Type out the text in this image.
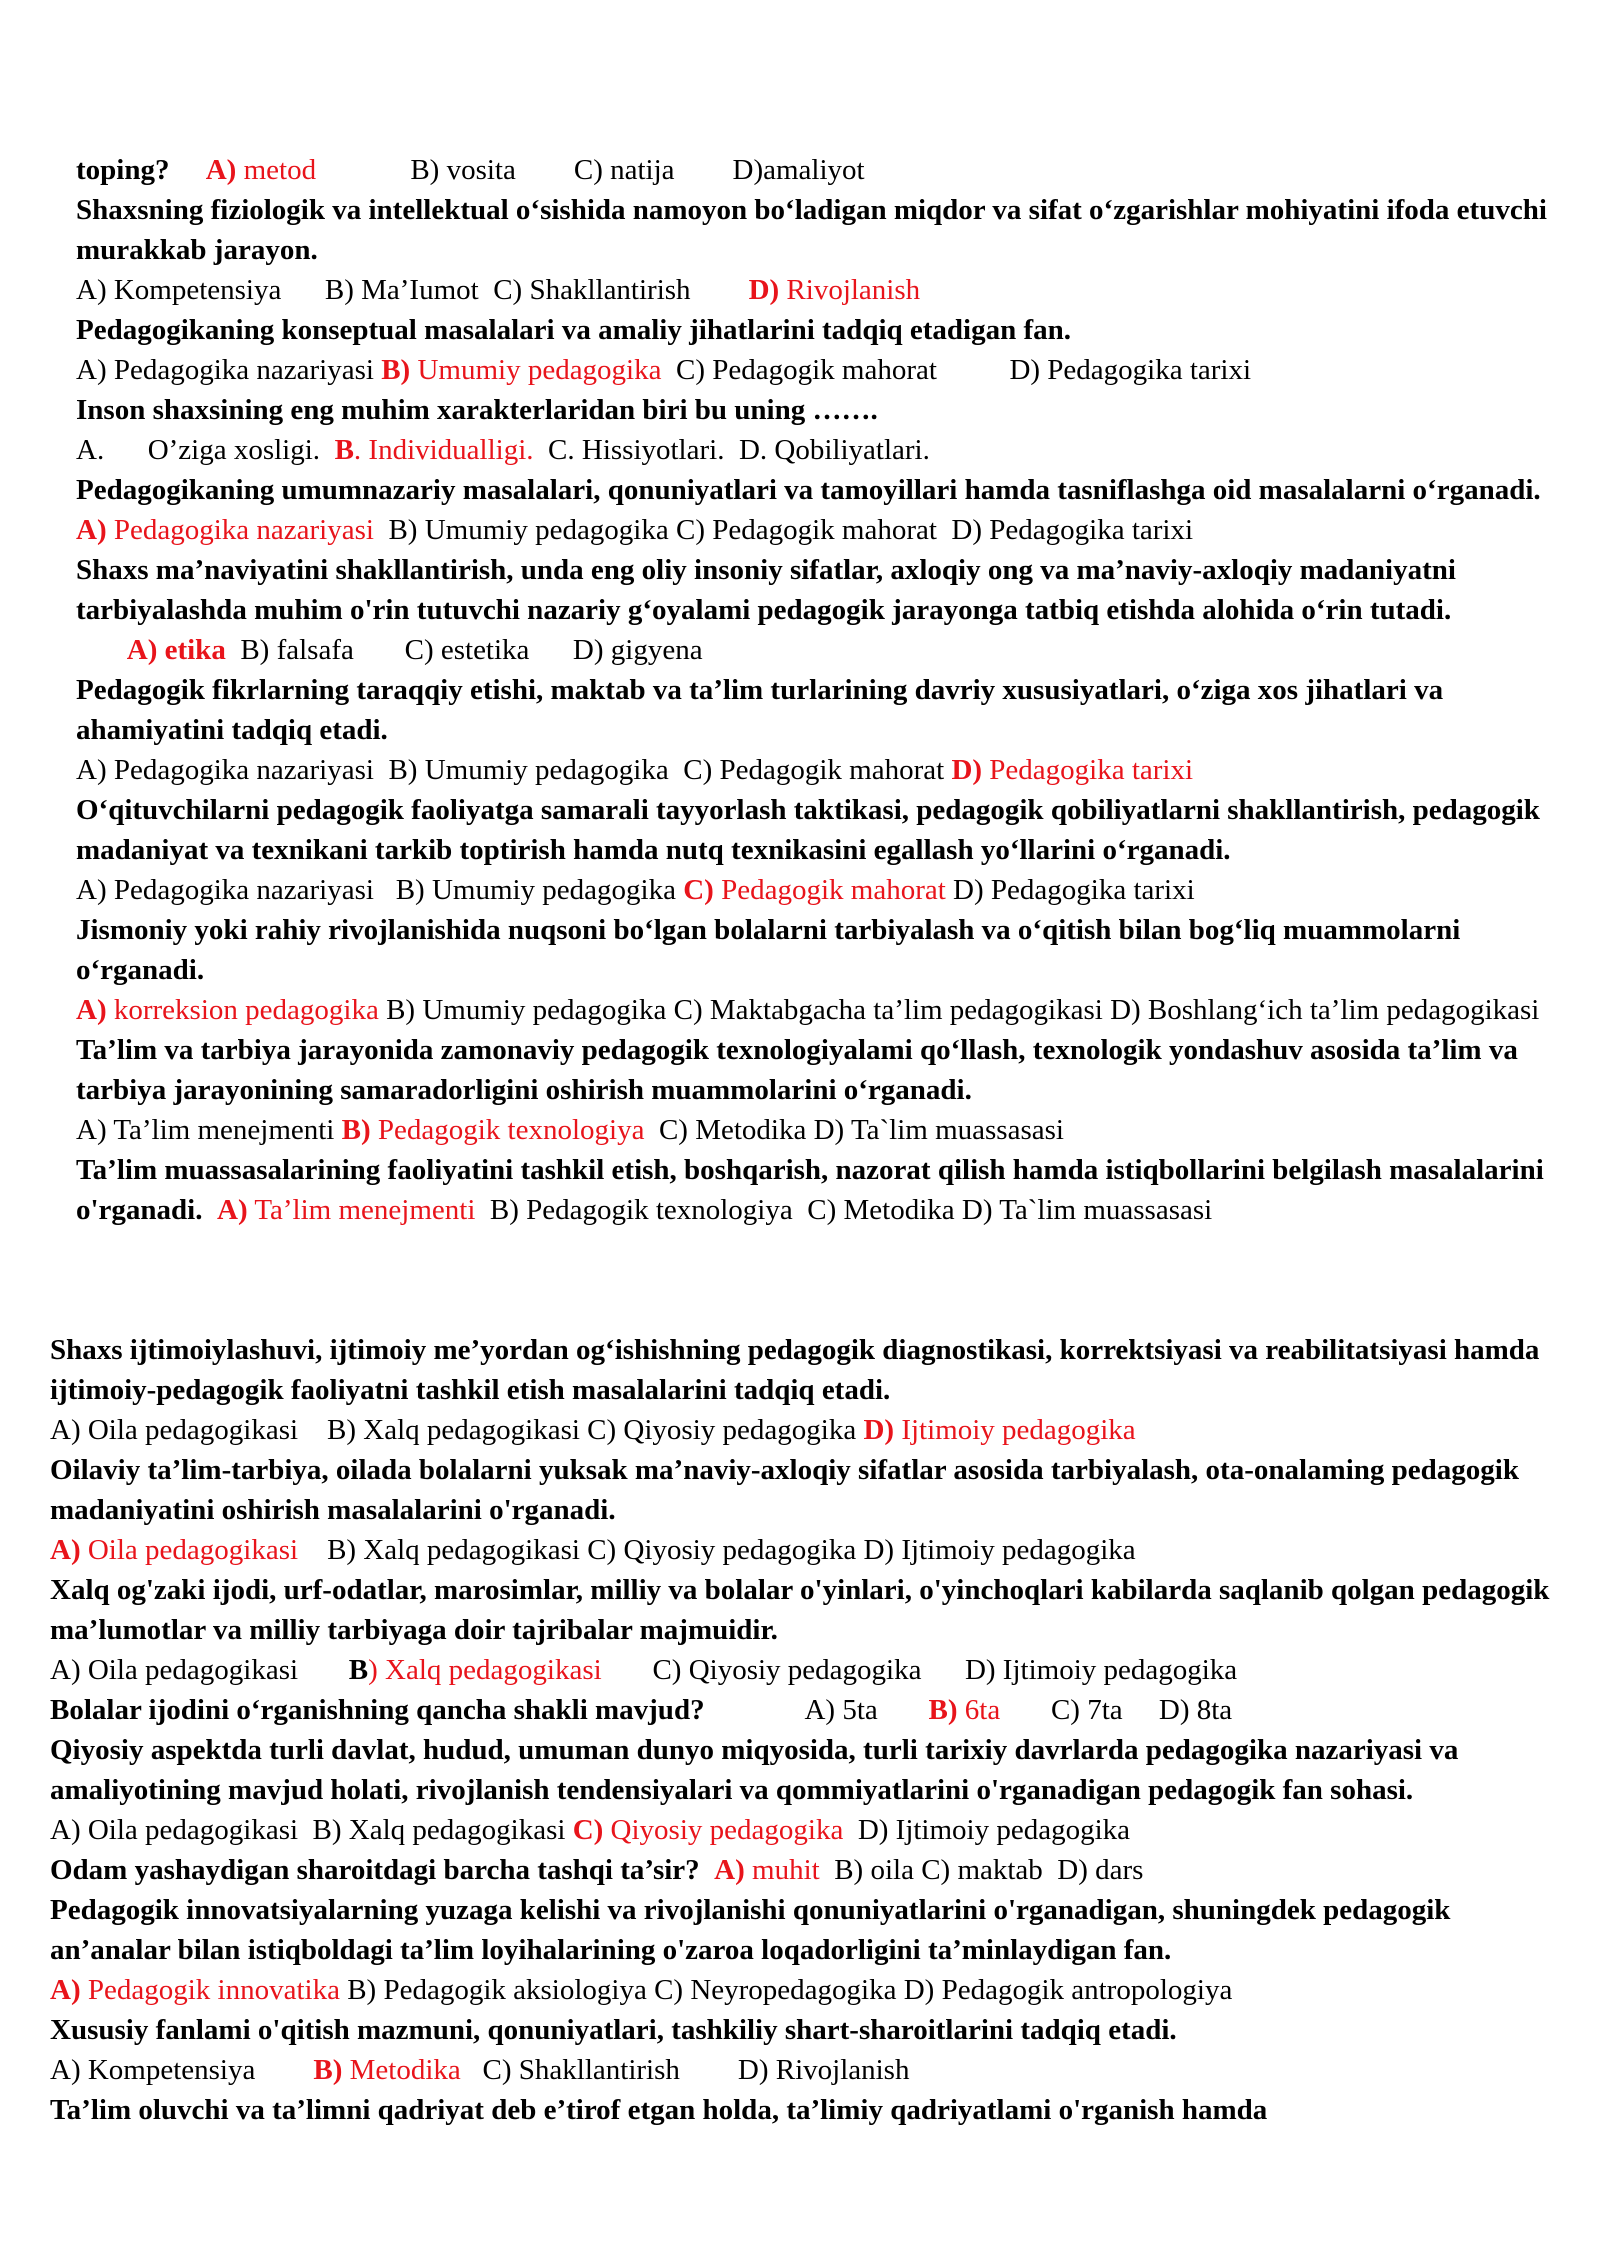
toping? A) metod             B) vosita        C) natija        D)amaliyot
Shaxsning fiziologik va intellektual o‘sishida namoyon bo‘ladigan miqdor va sifat o‘zgarishlar mohiyatini ifoda etuvchi murakkab jarayon.
A) Kompetensiya      B) Ma’Iumot  C) Shakllantirish        D) Rivojlanish
Pedagogikaning konseptual masalalari va amaliy jihatlarini tadqiq etadigan fan.
A) Pedagogika nazariyasi B) Umumiy pedagogika  C) Pedagogik mahorat          D) Pedagogika tarixi
Inson shaxsining eng muhim xarakterlaridan biri bu uning …….
A.      O’ziga xosligi.  B. Individualligi.  C. Hissiyotlari.  D. Qobiliyatlari.
Pedagogikaning umumnazariy masalalari, qonuniyatlari va tamoyillari hamda tasniflashga oid masalalarni o‘rganadi.
A) Pedagogika nazariyasi  B) Umumiy pedagogika C) Pedagogik mahorat  D) Pedagogika tarixi
Shaxs ma’naviyatini shakllantirish, unda eng oliy insoniy sifatlar, axloqiy ong va ma’naviy-axloqiy madaniyatni tarbiyalashda muhim o'rin tutuvchi nazariy g‘oyalami pedagogik jarayonga tatbiq etishda alohida o‘rin tutadi.       A) etika  B) falsafa       C) estetika      D) gigyena
Pedagogik fikrlarning taraqqiy etishi, maktab va ta’lim turlarining davriy xususiyatlari, o‘ziga xos jihatlari va ahamiyatini tadqiq etadi.
A) Pedagogika nazariyasi  B) Umumiy pedagogika  C) Pedagogik mahorat D) Pedagogika tarixi
O‘qituvchilarni pedagogik faoliyatga samarali tayyorlash taktikasi, pedagogik qobiliyatlarni shakllantirish, pedagogik madaniyat va texnikani tarkib toptirish hamda nutq texnikasini egallash yo‘llarini o‘rganadi.
A) Pedagogika nazariyasi   B) Umumiy pedagogika C) Pedagogik mahorat D) Pedagogika tarixi
Jismoniy yoki rahiy rivojlanishida nuqsoni bo‘lgan bolalarni tarbiyalash va o‘qitish bilan bog‘liq muammolarni o‘rganadi.
A) korreksion pedagogika B) Umumiy pedagogika C) Maktabgacha ta’lim pedagogikasi D) Boshlang‘ich ta’lim pedagogikasi
Ta’lim va tarbiya jarayonida zamonaviy pedagogik texnologiyalami qo‘llash, texnologik yondashuv asosida ta’lim va tarbiya jarayonining samaradorligini oshirish muammolarini o‘rganadi.
A) Ta’lim menejmenti B) Pedagogik texnologiya  C) Metodika D) Ta`lim muassasasi
Ta’lim muassasalarining faoliyatini tashkil etish, boshqarish, nazorat qilish hamda istiqbollarini belgilash masalalarini o'rganadi. A) Ta’lim menejmenti  B) Pedagogik texnologiya  C) Metodika D) Ta`lim muassasasi
Shaxs ijtimoiylashuvi, ijtimoiy me’yordan og‘ishishning pedagogik diagnostikasi, korrektsiyasi va reabilitatsiyasi hamda ijtimoiy-pedagogik faoliyatni tashkil etish masalalarini tadqiq etadi.
A) Oila pedagogikasi    B) Xalq pedagogikasi C) Qiyosiy pedagogika D) Ijtimoiy pedagogika
Oilaviy ta’lim-tarbiya, oilada bolalarni yuksak ma’naviy-axloqiy sifatlar asosida tarbiyalash, ota-onalaming pedagogik madaniyatini oshirish masalalarini o'rganadi.
A) Oila pedagogikasi    B) Xalq pedagogikasi C) Qiyosiy pedagogika D) Ijtimoiy pedagogika
Xalq og'zaki ijodi, urf-odatlar, marosimlar, milliy va bolalar o'yinlari, o'yinchoqlari kabilarda saqlanib qolgan pedagogik ma’lumotlar va milliy tarbiyaga doir tajribalar majmuidir.
A) Oila pedagogikasi       B) Xalq pedagogikasi       C) Qiyosiy pedagogika      D) Ijtimoiy pedagogika
Bolalar ijodini o‘rganishning qancha shakli mavjud?              A) 5ta       B) 6ta       C) 7ta     D) 8ta
Qiyosiy aspektda turli davlat, hudud, umuman dunyo miqyosida, turli tarixiy davrlarda pedagogika nazariyasi va amaliyotining mavjud holati, rivojlanish tendensiyalari va qommiyatlarini o'rganadigan pedagogik fan sohasi.
A) Oila pedagogikasi  B) Xalq pedagogikasi C) Qiyosiy pedagogika  D) Ijtimoiy pedagogika
Odam yashaydigan sharoitdagi barcha tashqi ta’sir? A) muhit  B) oila C) maktab  D) dars
Pedagogik innovatsiyalarning yuzaga kelishi va rivojlanishi qonuniyatlarini o'rganadigan, shuningdek pedagogik an’analar bilan istiqboldagi ta’lim loyihalarining o'zaroa loqadorligini ta’minlaydigan fan.
A) Pedagogik innovatika B) Pedagogik aksiologiya C) Neyropedagogika D) Pedagogik antropologiya
Xususiy fanlami o'qitish mazmuni, qonuniyatlari, tashkiliy shart-sharoitlarini tadqiq etadi.
A) Kompetensiya        B) Metodika   C) Shakllantirish        D) Rivojlanish
Ta’lim oluvchi va ta’limni qadriyat deb e’tirof etgan holda, ta’limiy qadriyatlami o'rganish hamda
